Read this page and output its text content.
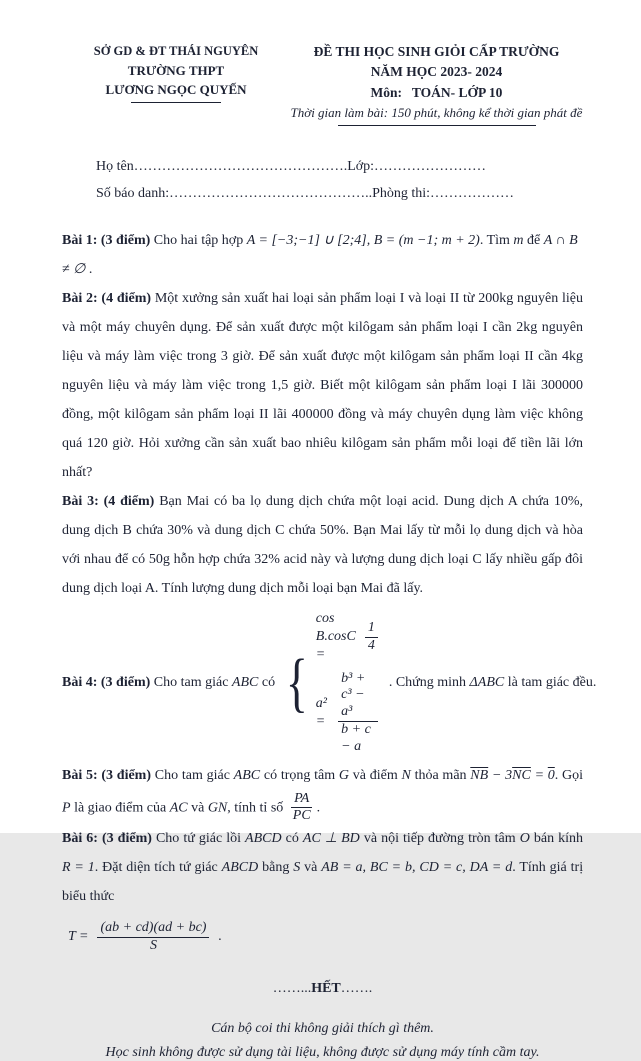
SỞ GD & ĐT THÁI NGUYÊN
TRƯỜNG THPT
LƯƠNG NGỌC QUYẾN
ĐỀ THI HỌC SINH GIỎI CẤP TRƯỜNG
NĂM HỌC 2023- 2024
Môn:   TOÁN- LỚP 10
Thời gian làm bài: 150 phút, không kể thời gian phát đề
Họ tên……………………………………….Lớp:……………………
Số báo danh:……………………………………..Phòng thi:………………

Bài 1: (3 điểm) Cho hai tập hợp A = [−3;−1] ∪ [2;4], B = (m −1; m + 2). Tìm m để A ∩ B ≠ ∅ .

Bài 2: (4 điểm) Một xưởng sản xuất hai loại sản phẩm loại I và loại II từ 200kg nguyên liệu và một máy chuyên dụng. Để sản xuất được một kilôgam sản phẩm loại I cần 2kg nguyên liệu và máy làm việc trong 3 giờ. Để sản xuất được một kilôgam sản phẩm loại II cần 4kg nguyên liệu và máy làm việc trong 1,5 giờ. Biết một kilôgam sản phẩm loại I lãi 300000 đồng, một kilôgam sản phẩm loại II lãi 400000 đồng và máy chuyên dụng làm việc không quá 120 giờ. Hỏi xưởng cần sản xuất bao nhiêu kilôgam sản phẩm mỗi loại để tiền lãi lớn nhất?

Bài 3: (4 điểm) Bạn Mai có ba lọ dung dịch chứa một loại acid. Dung dịch A chứa 10%, dung dịch B chứa 30% và dung dịch C chứa 50%. Bạn Mai lấy từ mỗi lọ dung dịch và hòa với nhau để có 50g hỗn hợp chứa 32% acid này và lượng dung dịch loại C lấy nhiều gấp đôi dung dịch loại A. Tính lượng dung dịch mỗi loại bạn Mai đã lấy.

Bài 4: (3 điểm) Cho tam giác ABC có {
cos B.cosC =
$\frac{1}{4}$
$a^2 = \frac{\text{b³ + c³ − a³}}{b + c - a}$ . Chứng minh ΔABC là tam giác đều.

Bài 5: (3 điểm) Cho tam giác ABC có trọng tâm G và điểm N thỏa mãn $\overline{NB} - 3\overline{NC} = 0$. Gọi P là giao điểm của AC và GN, tính tỉ số $\frac{PA}{PC}$ .

Bài 6: (3 điểm) Cho tứ giác lồi ABCD có AC ⊥ BD và nội tiếp đường tròn tâm O bán kính R = 1. Đặt diện tích tứ giác ABCD bằng S và AB = a, BC = b, CD = c, DA = d. Tính giá trị biểu thức

$T = \frac{(ab + cd)(ad + bc)}{S}$ .
……...HẾT…….
Cán bộ coi thi không giải thích gì thêm.
Học sinh không được sử dụng tài liệu, không được sử dụng máy tính cầm tay.
